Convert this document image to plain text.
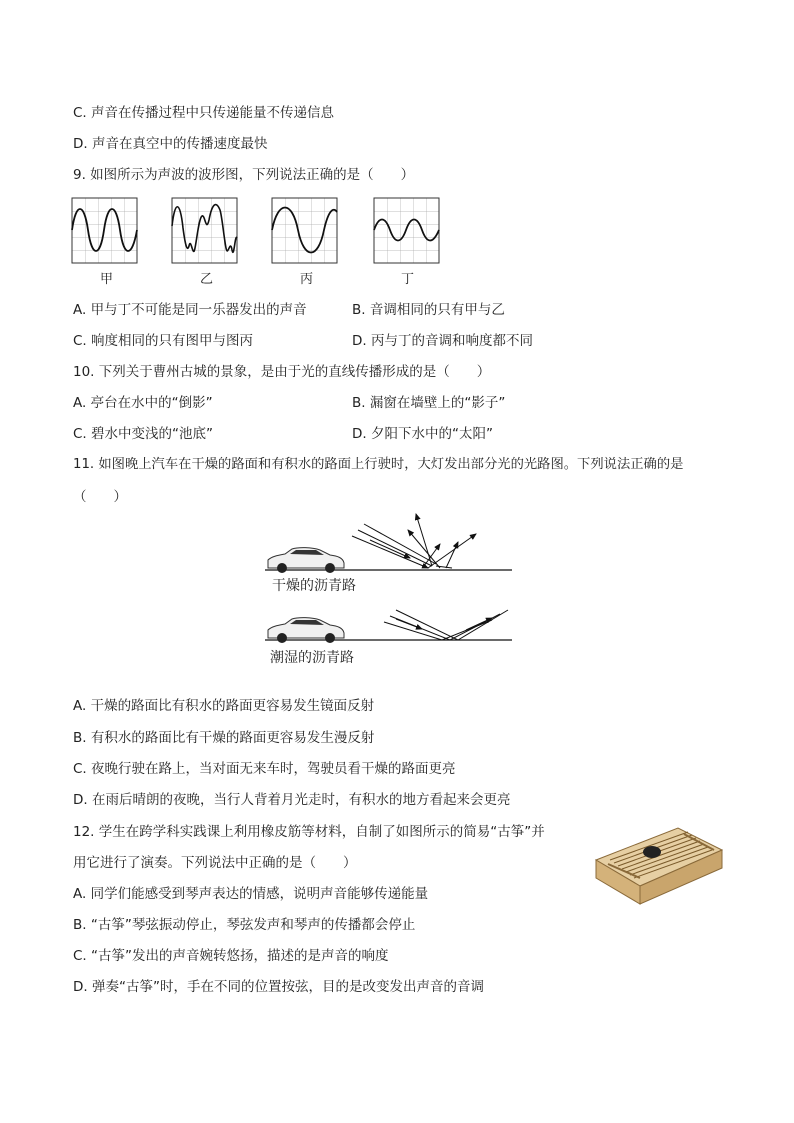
C. 声音在传播过程中只传递能量不传递信息
D. 声音在真空中的传播速度最快
9. 如图所示为声波的波形图，下列说法正确的是（　　）
甲	乙	丙	丁
A. 甲与丁不可能是同一乐器发出的声音	B. 音调相同的只有甲与乙
C. 响度相同的只有图甲与图丙	D. 丙与丁的音调和响度都不同
10. 下列关于曹州古城的景象，是由于光的直线传播形成的是（　　）
A. 亭台在水中的“倒影”	B. 漏窗在墙壁上的“影子”
C. 碧水中变浅的“池底”	D. 夕阳下水中的“太阳”
11. 如图晚上汽车在干燥的路面和有积水的路面上行驶时，大灯发出部分光的光路图。下列说法正确的是
（　　）
干燥的沥青路
潮湿的沥青路
A. 干燥的路面比有积水的路面更容易发生镜面反射
B. 有积水的路面比有干燥的路面更容易发生漫反射
C. 夜晚行驶在路上，当对面无来车时，驾驶员看干燥的路面更亮
D. 在雨后晴朗的夜晚，当行人背着月光走时，有积水的地方看起来会更亮
12. 学生在跨学科实践课上利用橡皮筋等材料，自制了如图所示的简易“古筝”并
用它进行了演奏。下列说法中正确的是（　　）
A. 同学们能感受到琴声表达的情感，说明声音能够传递能量
B. “古筝”琴弦振动停止，琴弦发声和琴声的传播都会停止
C. “古筝”发出的声音婉转悠扬，描述的是声音的响度
D. 弹奏“古筝”时，手在不同的位置按弦，目的是改变发出声音的音调
